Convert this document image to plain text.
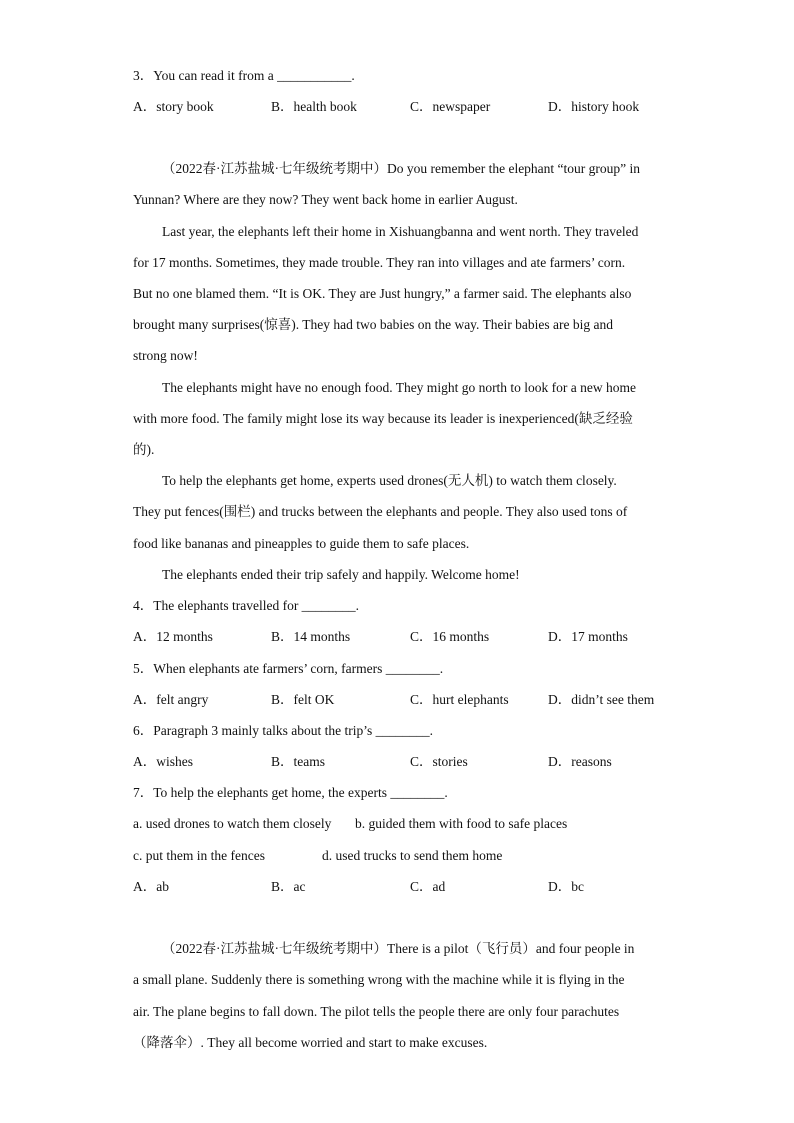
3．You can read it from a ___________.
A．story book	B．health book	C．newspaper	D．history hook
（2022春·江苏盐城·七年级统考期中）Do you remember the elephant “tour group” in
Yunnan? Where are they now? They went back home in earlier August.
Last year, the elephants left their home in Xishuangbanna and went north. They traveled
for 17 months. Sometimes, they made trouble. They ran into villages and ate farmers’ corn.
But no one blamed them. “It is OK. They are Just hungry,” a farmer said. The elephants also
brought many surprises(惊喜). They had two babies on the way. Their babies are big and
strong now!
The elephants might have no enough food. They might go north to look for a new home
with more food. The family might lose its way because its leader is inexperienced(缺乏经验
的).
To help the elephants get home, experts used drones(无人机) to watch them closely.
They put fences(围栏) and trucks between the elephants and people. They also used tons of
food like bananas and pineapples to guide them to safe places.
The elephants ended their trip safely and happily. Welcome home!
4．The elephants travelled for ________.
A．12 months	B．14 months	C．16 months	D．17 months
5．When elephants ate farmers’ corn, farmers ________.
A．felt angry	B．felt OK	C．hurt elephants	D．didn’t see them
6．Paragraph 3 mainly talks about the trip’s ________.
A．wishes	B．teams	C．stories	D．reasons
7．To help the elephants get home, the experts ________.
a. used drones to watch them closely b. guided them with food to safe places
c. put them in the fences	d. used trucks to send them home
A．ab	B．ac	C．ad	D．bc
（2022春·江苏盐城·七年级统考期中）There is a pilot（飞行员）and four people in
a small plane. Suddenly there is something wrong with the machine while it is flying in the
air. The plane begins to fall down. The pilot tells the people there are only four parachutes
（降落伞）. They all become worried and start to make excuses.
